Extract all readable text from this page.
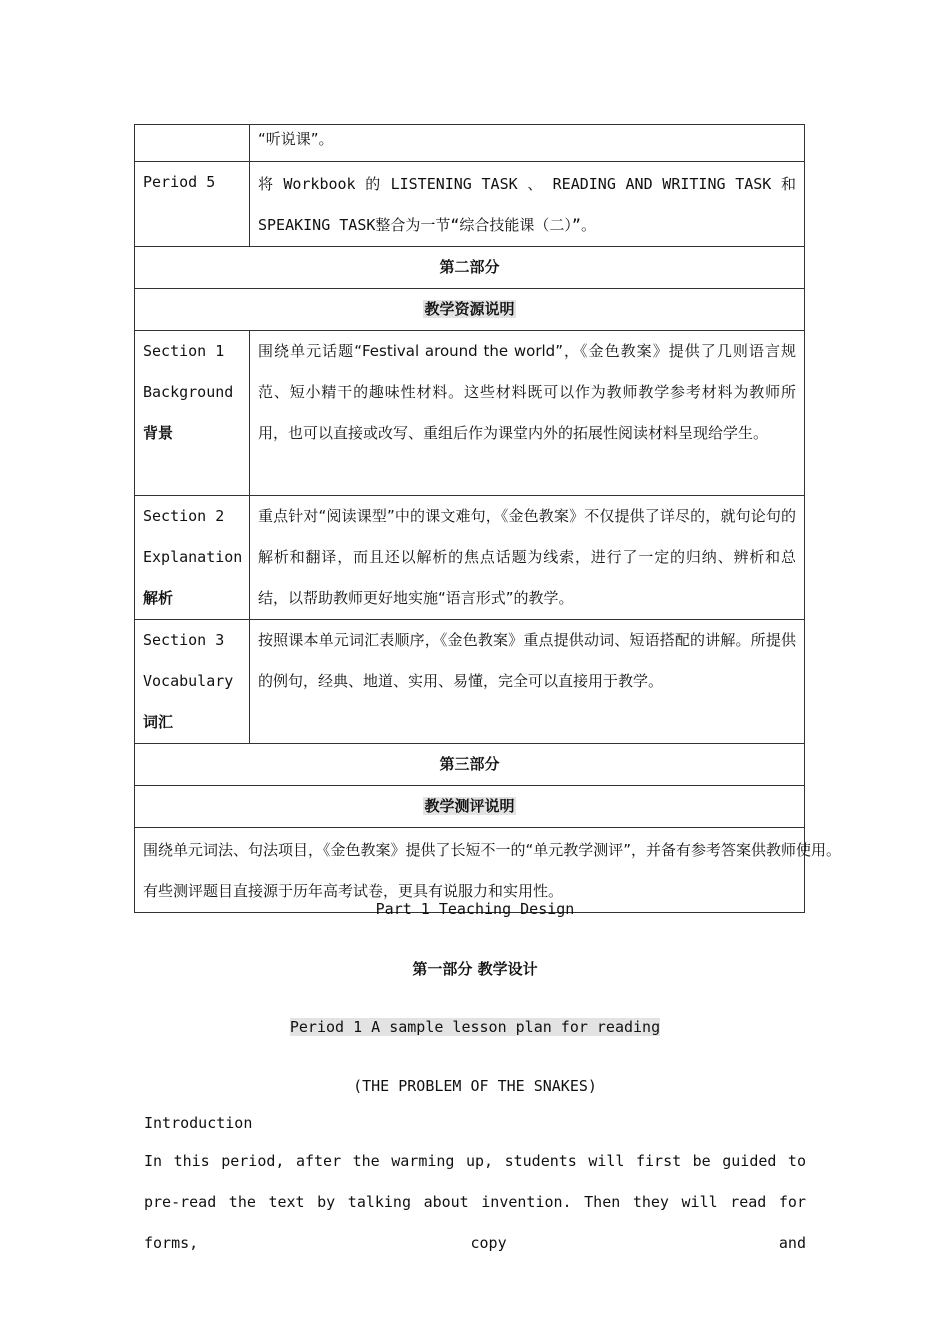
	“听说课”。
Period 5	将 Workbook 的 LISTENING TASK 、 READING AND WRITING TASK 和
SPEAKING TASK整合为一节“综合技能课（二）”。

第二部分	
教学资源说明	

Section 1
Background
背景	围绕单元话题“Festival around the world”，《金色教案》提供了几则语言规范、短小精干的趣味性材料。这些材料既可以作为教师教学参考材料为教师所用，也可以直接或改写、重组后作为课堂内外的拓展性阅读材料呈现给学生。

Section 2
Explanation
解析	重点针对“阅读课型”中的课文难句，《金色教案》不仅提供了详尽的，就句论句的解析和翻译，而且还以解析的焦点话题为线索，进行了一定的归纳、辨析和总结，以帮助教师更好地实施“语言形式”的教学。

Section 3
Vocabulary
词汇	按照课本单元词汇表顺序，《金色教案》重点提供动词、短语搭配的讲解。所提供的例句，经典、地道、实用、易懂，完全可以直接用于教学。
第三部分	
教学测评说明	

围绕单元词法、句法项目，《金色教案》提供了长短不一的“单元教学测评”，并备有参考答案供教师使用。
有些测评题目直接源于历年高考试卷，更具有说服力和实用性。	
Part 1 Teaching Design
第一部分 教学设计
Period 1 A sample lesson plan for reading
(THE PROBLEM OF THE SNAKES)
Introduction
In this period, after the warming up, students will first be guided to pre-read the text by talking about invention. Then they will read for forms, copy and
